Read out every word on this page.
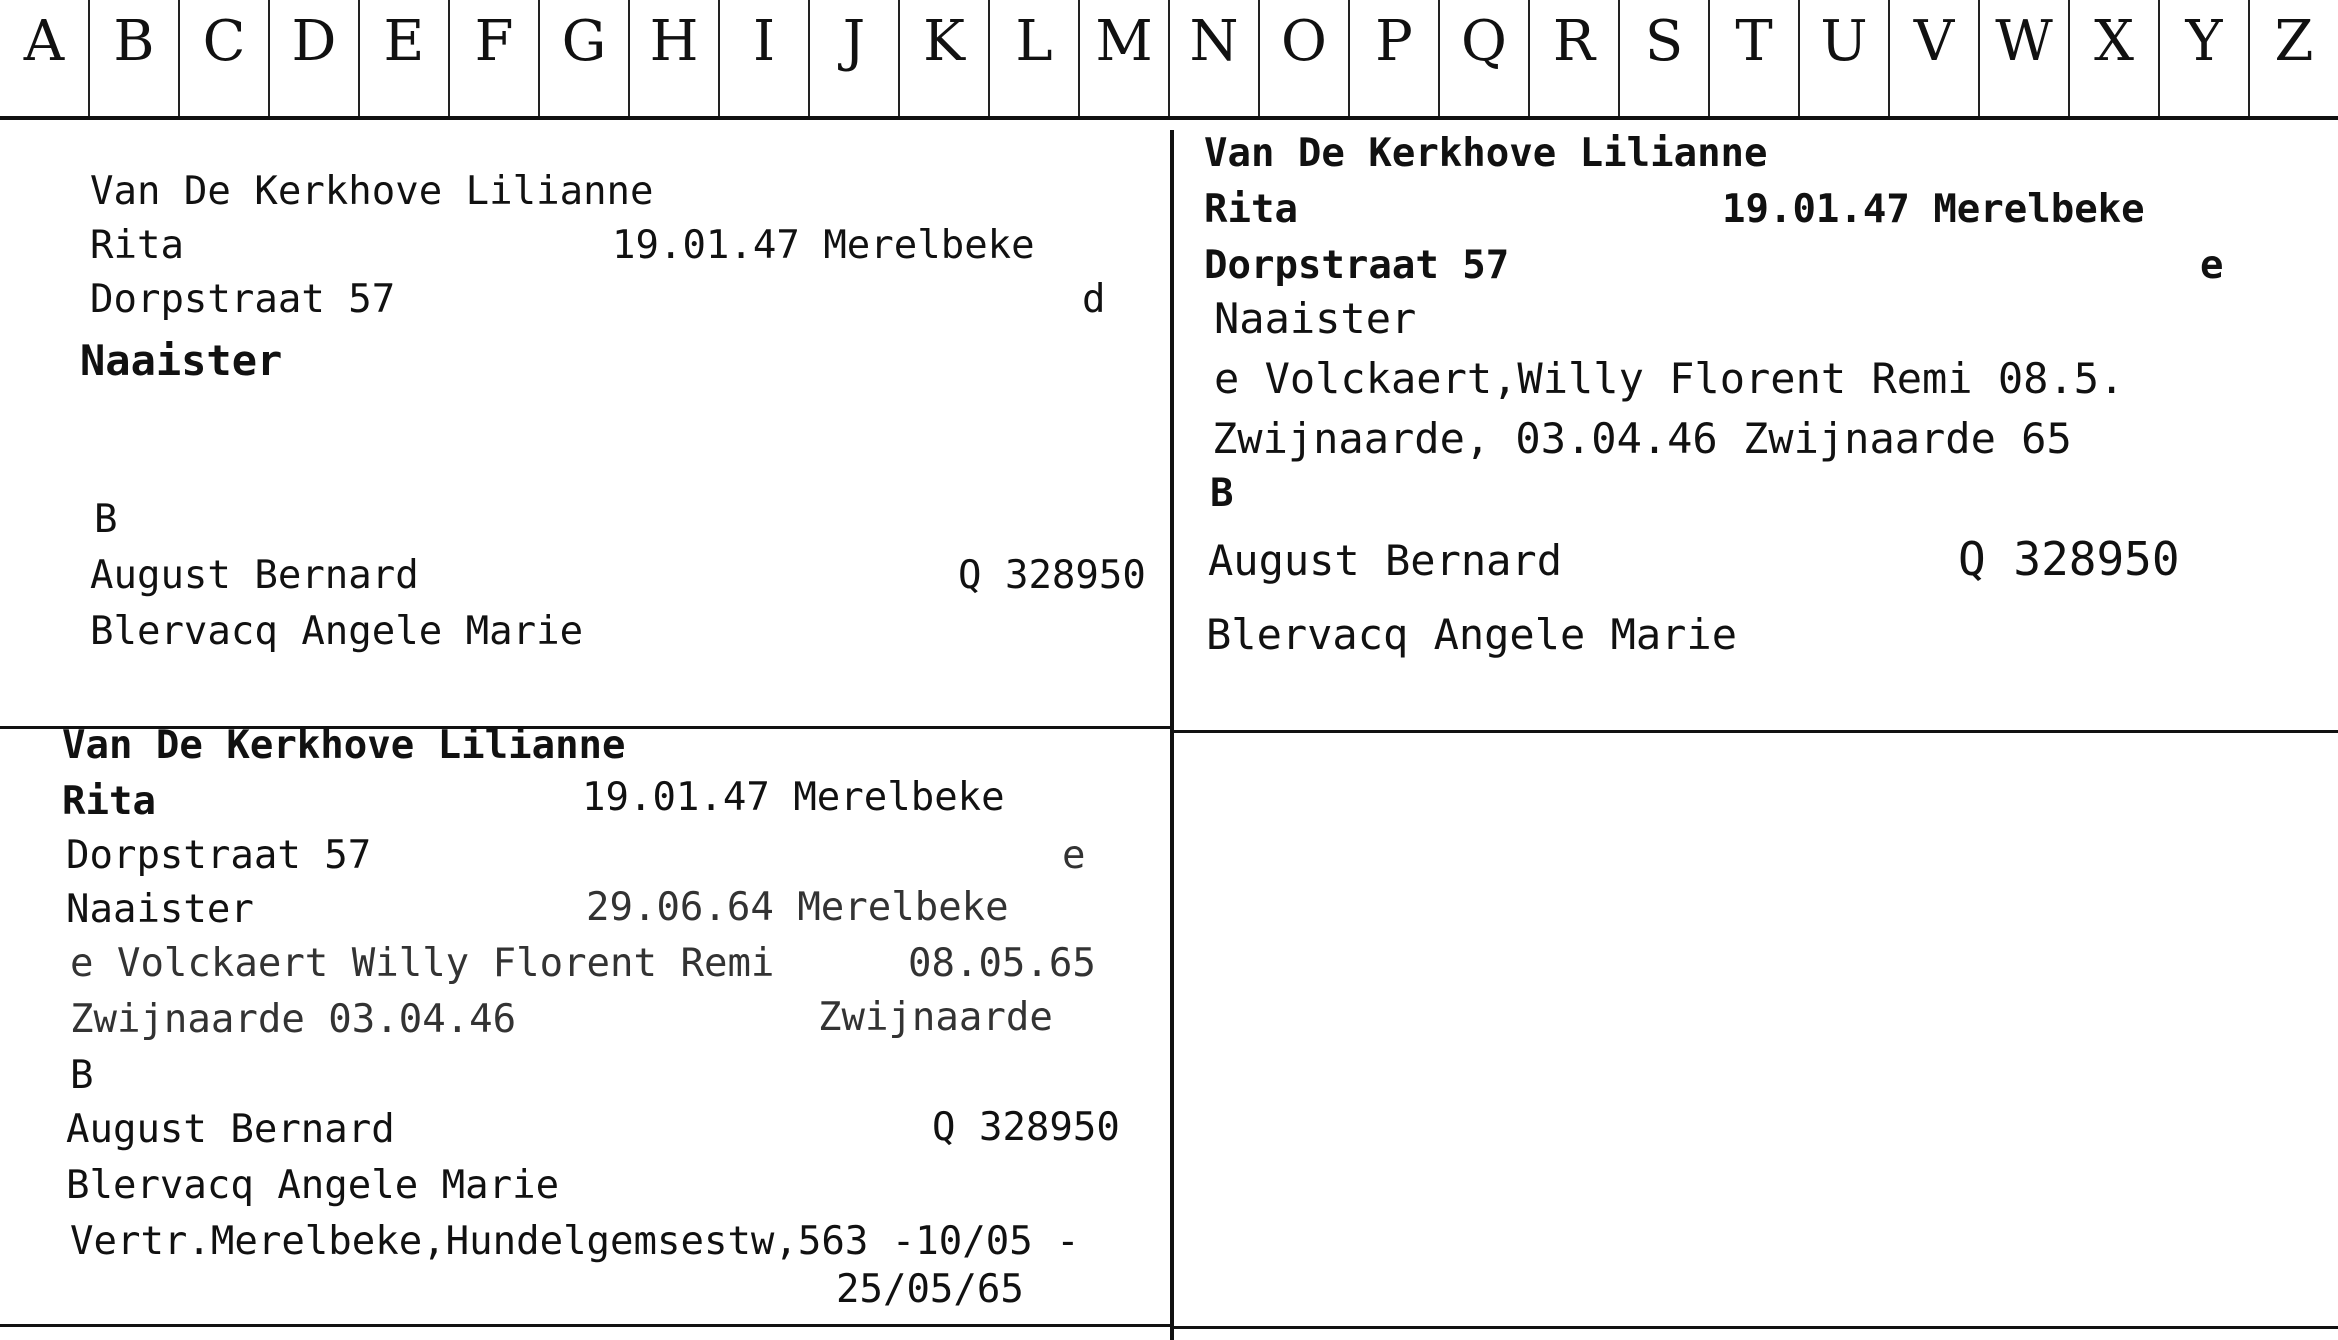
A B C D E F G H I	J	K L M N O P Q R S T U V W X Y Z
Van De Kerkhove Lilianne
Rita	19.01.47 Merelbeke
Dorpstraat 57	d
Naaister
B
August Bernard	Q 328950
Blervacq Angele Marie
Van De Kerkhove Lilianne
Rita	19.01.47 Merelbeke
Dorpstraat 57	e
Naaister
e Volckaert,Willy Florent Remi 08.5.
Zwijnaarde, 03.04.46 Zwijnaarde 65
B
August Bernard	Q 328950
Blervacq Angele Marie
Van De Kerkhove Lilianne
Rita	19.01.47 Merelbeke
Dorpstraat 57	e
Naaister	29.06.64 Merelbeke
e Volckaert Willy Florent Remi	08.05.65
Zwijnaarde 03.04.46	Zwijnaarde
B
August Bernard	Q 328950
Blervacq Angele Marie
Vertr.Merelbeke,Hundelgemsestw,563 -10/05 -
25/05/65
